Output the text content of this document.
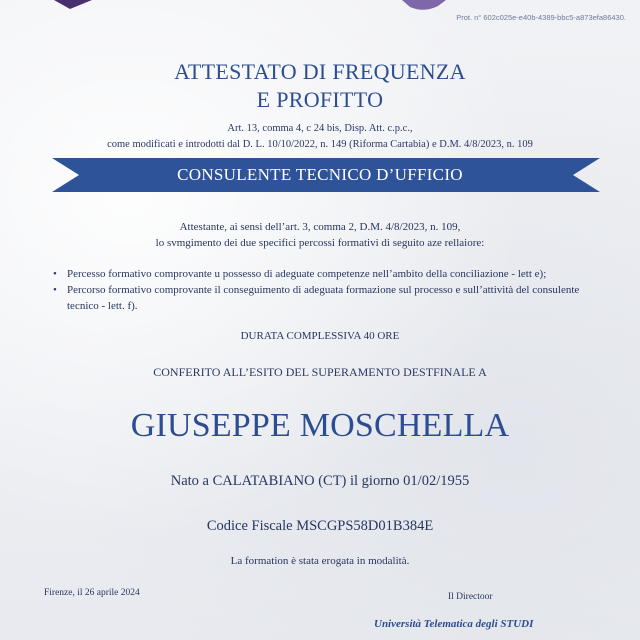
Prot. n° 602c025e-e40b-4389-bbc5-a873efa86430.
ATTESTATO DI FREQUENZA
E PROFITTO
Art. 13, comma 4, c 24 bis, Disp. Att. c.p.c.,
come modificati e introdotti dal D. L. 10/10/2022, n. 149 (Riforma Cartabia) e D.M. 4/8/2023, n. 109
CONSULENTE TECNICO D’UFFICIO
Attestante, ai sensi dell’art. 3, comma 2, D.M. 4/8/2023, n. 109,
lo svmgimento dei due specifici percossi formativi di seguito aze rellaiore:
• Percesso formativo comprovante u possesso di adeguate competenze nell’ambito della conciliazione - lett e);
• Percorso formativo comprovante il conseguimento di adeguata formazione sul processo e sull’attività del consulente tecnico - lett. f).
DURATA COMPLESSIVA 40 ORE
CONFERITO ALL’ESITO DEL SUPERAMENTO DESTFINALE A
GIUSEPPE MOSCHELLA
Nato a CALATABIANO (CT) il giorno 01/02/1955
Codice Fiscale MSCGPS58D01B384E
La formation è stata erogata in modalità.
Firenze, il 26 aprile 2024	Il Directoor
Università Telematica degli STUDI
